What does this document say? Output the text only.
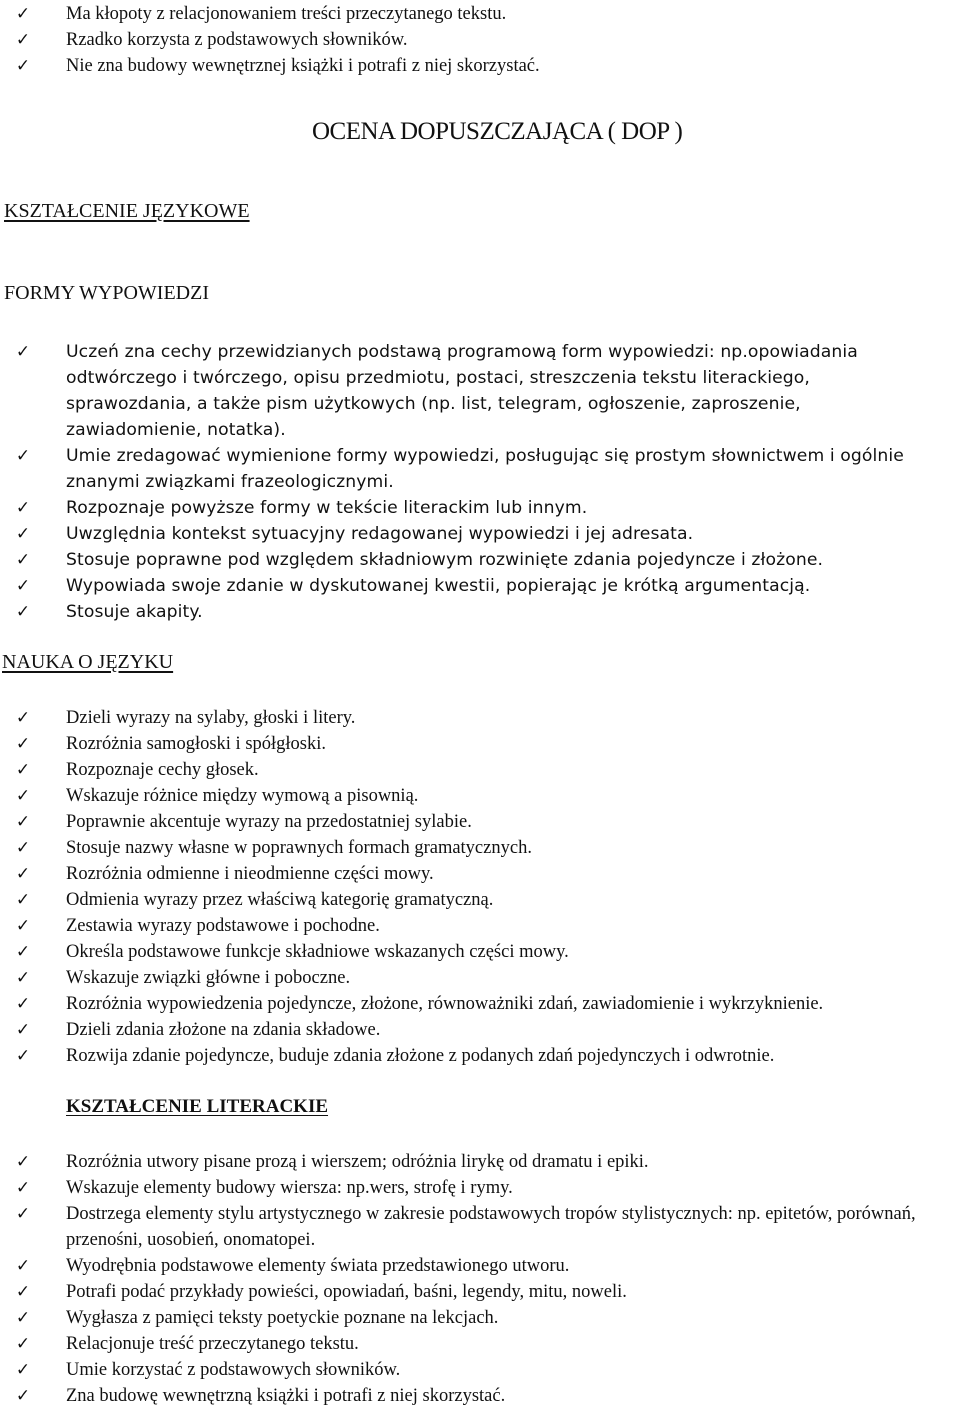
✓ Ma kłopoty z relacjonowaniem treści przeczytanego tekstu.
✓ Rzadko korzysta z podstawowych słowników.
✓ Nie zna budowy wewnętrznej książki i potrafi z niej skorzystać.
OCENA DOPUSZCZAJĄCA ( DOP )
KSZTAŁCENIE JĘZYKOWE
FORMY WYPOWIEDZI
✓ Uczeń zna cechy przewidzianych podstawą programową form wypowiedzi: np.opowiadania odtwórczego i twórczego, opisu przedmiotu, postaci, streszczenia tekstu literackiego, sprawozdania, a także pism użytkowych (np. list, telegram, ogłoszenie, zaproszenie, zawiadomienie, notatka).
✓ Umie zredagować wymienione formy wypowiedzi, posługując się prostym słownictwem i ogólnie znanymi związkami frazeologicznymi.
✓ Rozpoznaje powyższe formy w tekście literackim lub innym.
✓ Uwzględnia kontekst sytuacyjny redagowanej wypowiedzi i jej adresata.
✓ Stosuje poprawne pod względem składniowym rozwinięte zdania pojedyncze i złożone.
✓ Wypowiada swoje zdanie w dyskutowanej kwestii, popierając je krótką argumentacją.
✓ Stosuje akapity.
NAUKA O JĘZYKU
✓ Dzieli wyrazy na sylaby, głoski i litery.
✓ Rozróżnia samogłoski i spółgłoski.
✓ Rozpoznaje cechy głosek.
✓ Wskazuje różnice między wymową a pisownią.
✓ Poprawnie akcentuje wyrazy na przedostatniej sylabie.
✓ Stosuje nazwy własne w poprawnych formach gramatycznych.
✓ Rozróżnia odmienne i nieodmienne części mowy.
✓ Odmienia wyrazy przez właściwą kategorię gramatyczną.
✓ Zestawia wyrazy podstawowe i pochodne.
✓ Określa podstawowe funkcje składniowe wskazanych części mowy.
✓ Wskazuje związki główne i poboczne.
✓ Rozróżnia wypowiedzenia pojedyncze, złożone, równoważniki zdań, zawiadomienie i wykrzyknienie.
✓ Dzieli zdania złożone na zdania składowe.
✓ Rozwija zdanie pojedyncze, buduje zdania złożone z podanych zdań pojedynczych i odwrotnie.
KSZTAŁCENIE LITERACKIE
✓ Rozróżnia utwory pisane prozą i wierszem; odróżnia lirykę od dramatu i epiki.
✓ Wskazuje elementy budowy wiersza: np.wers, strofę i rymy.
✓ Dostrzega elementy stylu artystycznego w zakresie podstawowych tropów stylistycznych: np. epitetów, porównań, przenośni, uosobień, onomatopei.
✓ Wyodrębnia podstawowe elementy świata przedstawionego utworu.
✓ Potrafi podać przykłady powieści, opowiadań, baśni, legendy, mitu, noweli.
✓ Wygłasza z pamięci teksty poetyckie poznane na lekcjach.
✓ Relacjonuje treść przeczytanego tekstu.
✓ Umie korzystać z podstawowych słowników.
✓ Zna budowę wewnętrzną książki i potrafi z niej skorzystać.
